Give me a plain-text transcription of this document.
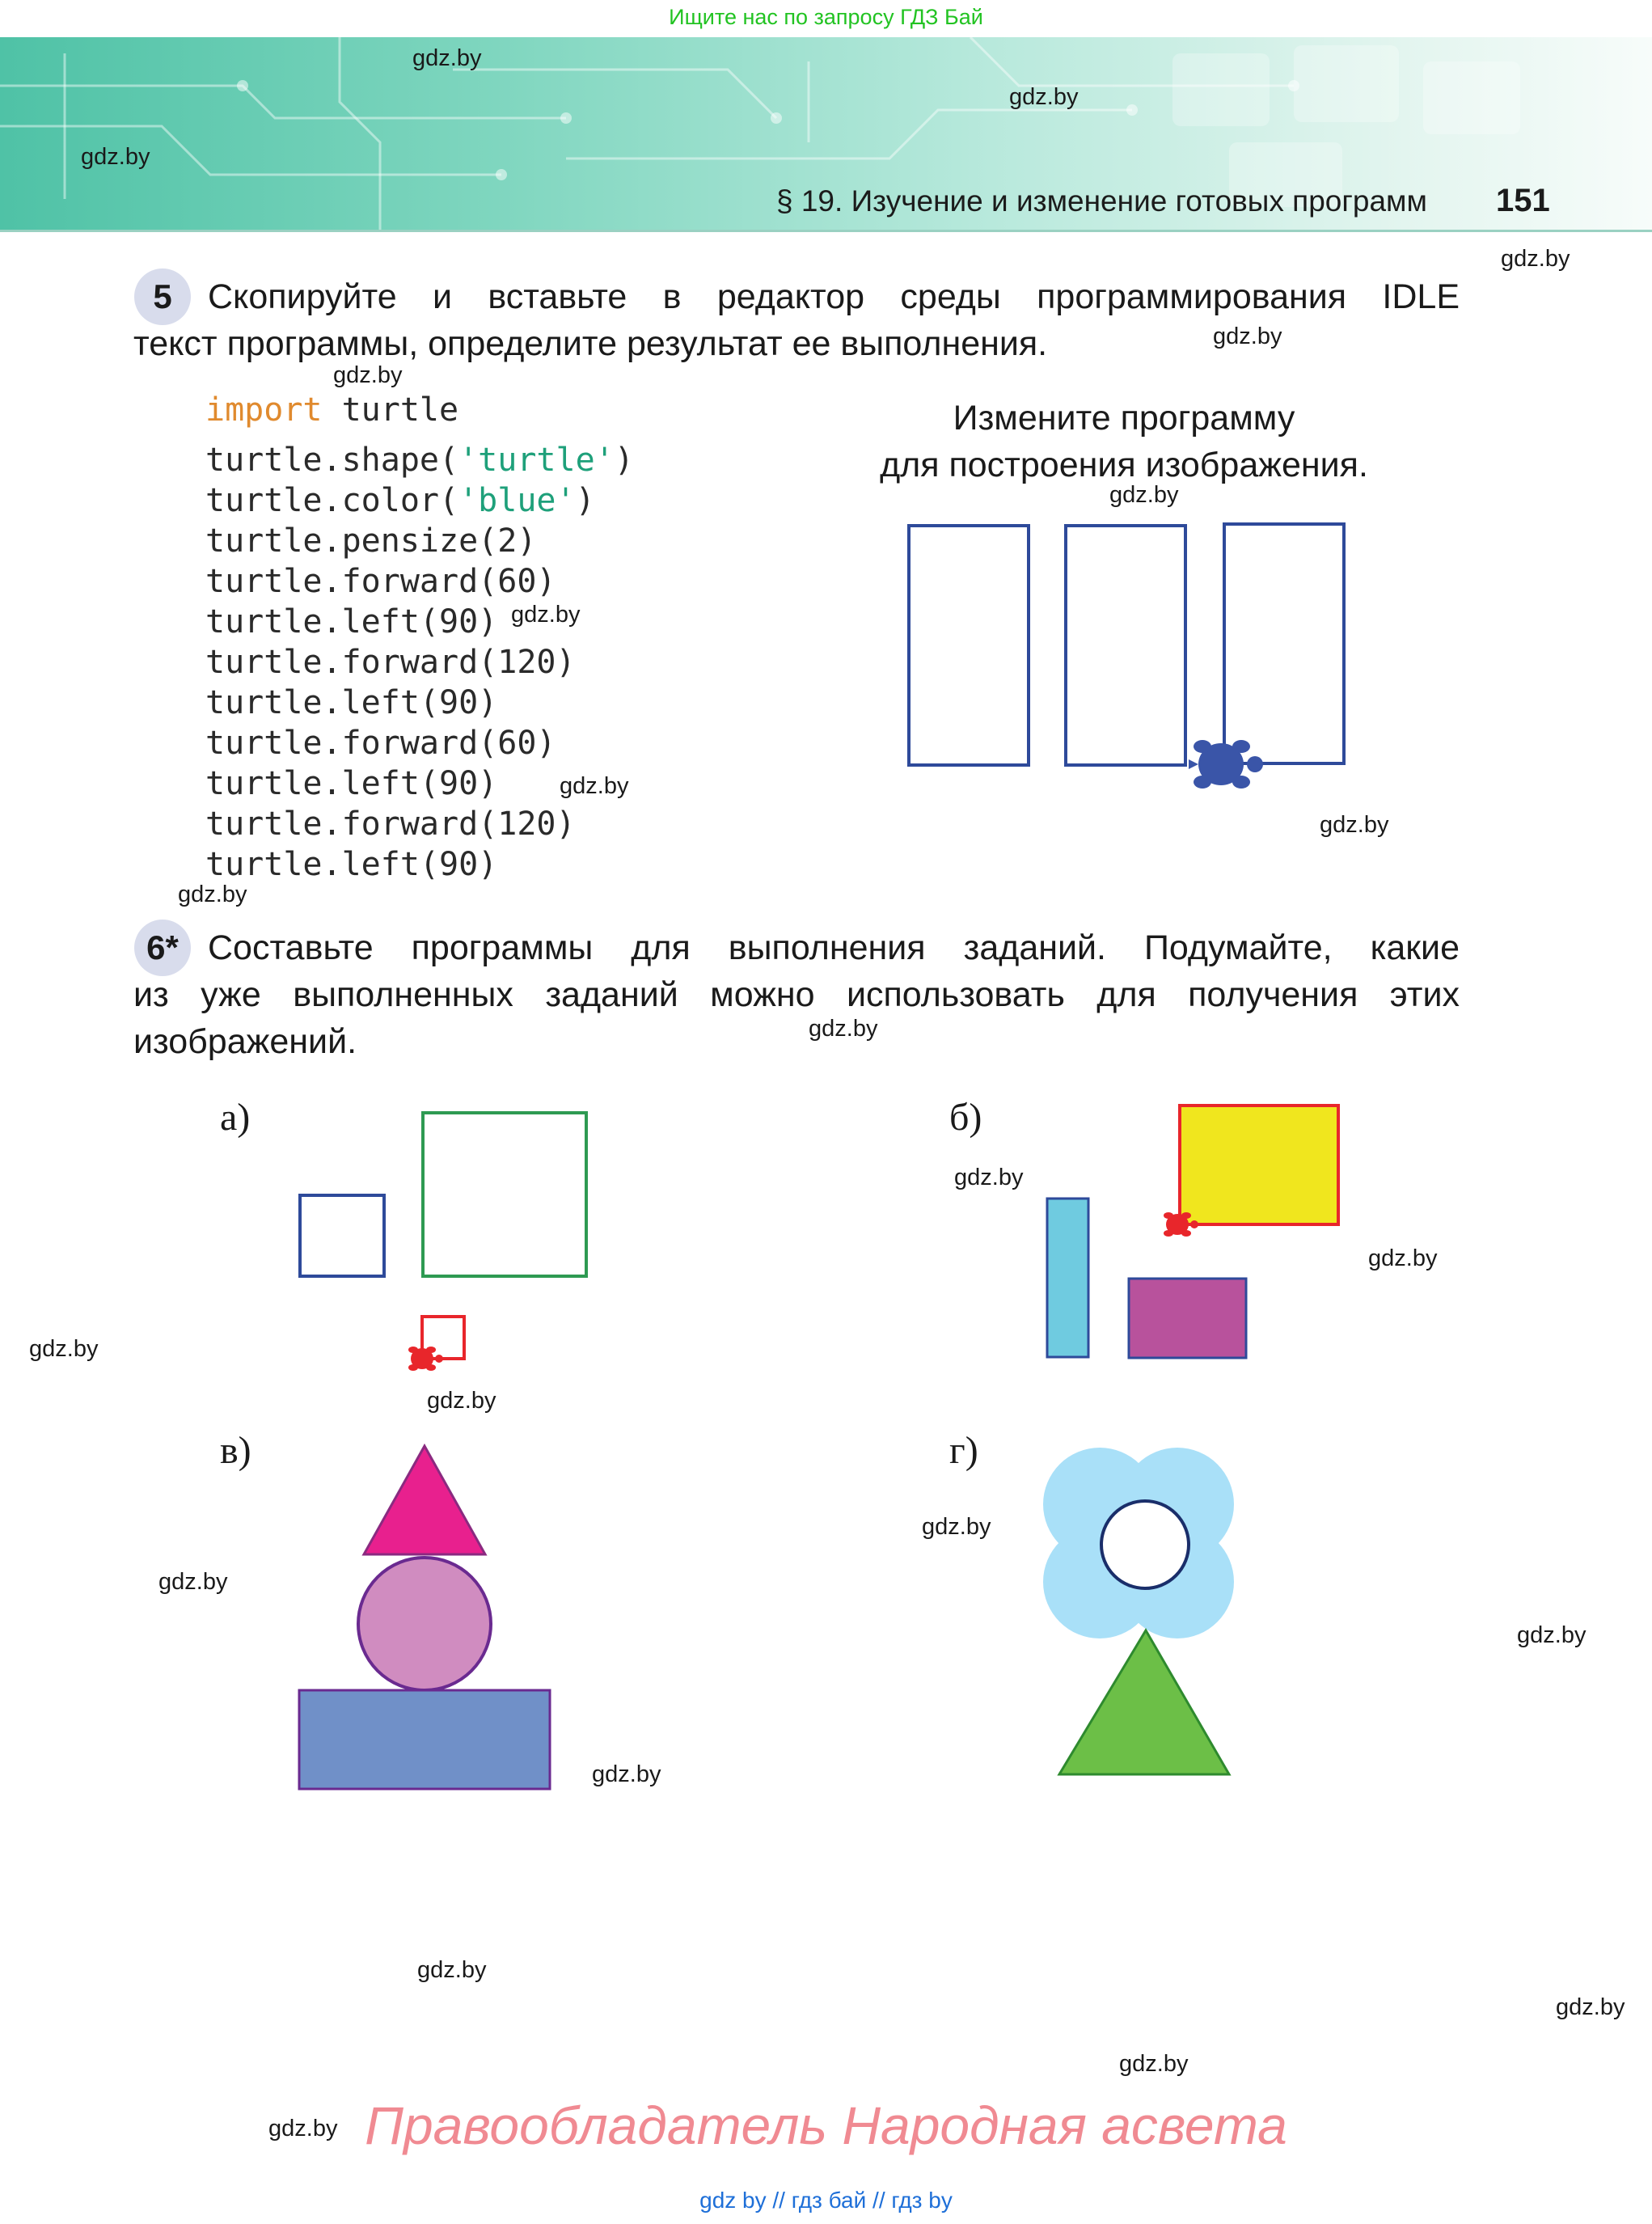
Ищите нас по запросу ГДЗ Бай
§ 19. Изучение и изменение готовых программ 151
gdz.by
gdz.by
gdz.by
gdz.by
gdz.by
gdz.by
gdz.by
gdz.by
gdz.by
gdz.by
gdz.by
gdz.by
gdz.by
gdz.by
gdz.by
gdz.by
gdz.by
gdz.by
gdz.by
gdz.by
gdz.by
gdz.by
gdz.by
gdz.by
5	Скопируйте и вставьте в редактор среды программирования IDLE
текст программы, определите результат ее выполнения.
import turtle
turtle.shape('turtle')
turtle.color('blue')
turtle.pensize(2)
turtle.forward(60)
turtle.left(90)
turtle.forward(120)
turtle.left(90)
turtle.forward(60)
turtle.left(90)
turtle.forward(120)
turtle.left(90)
Измените программу
для построения изображения.
6* Составьте программы для выполнения заданий. Подумайте, какие
из уже выполненных заданий можно использовать для получения этих
изображений.
а)	б)
в)	г)
Правообладатель Народная асвета
gdz by // гдз бай // гдз by
